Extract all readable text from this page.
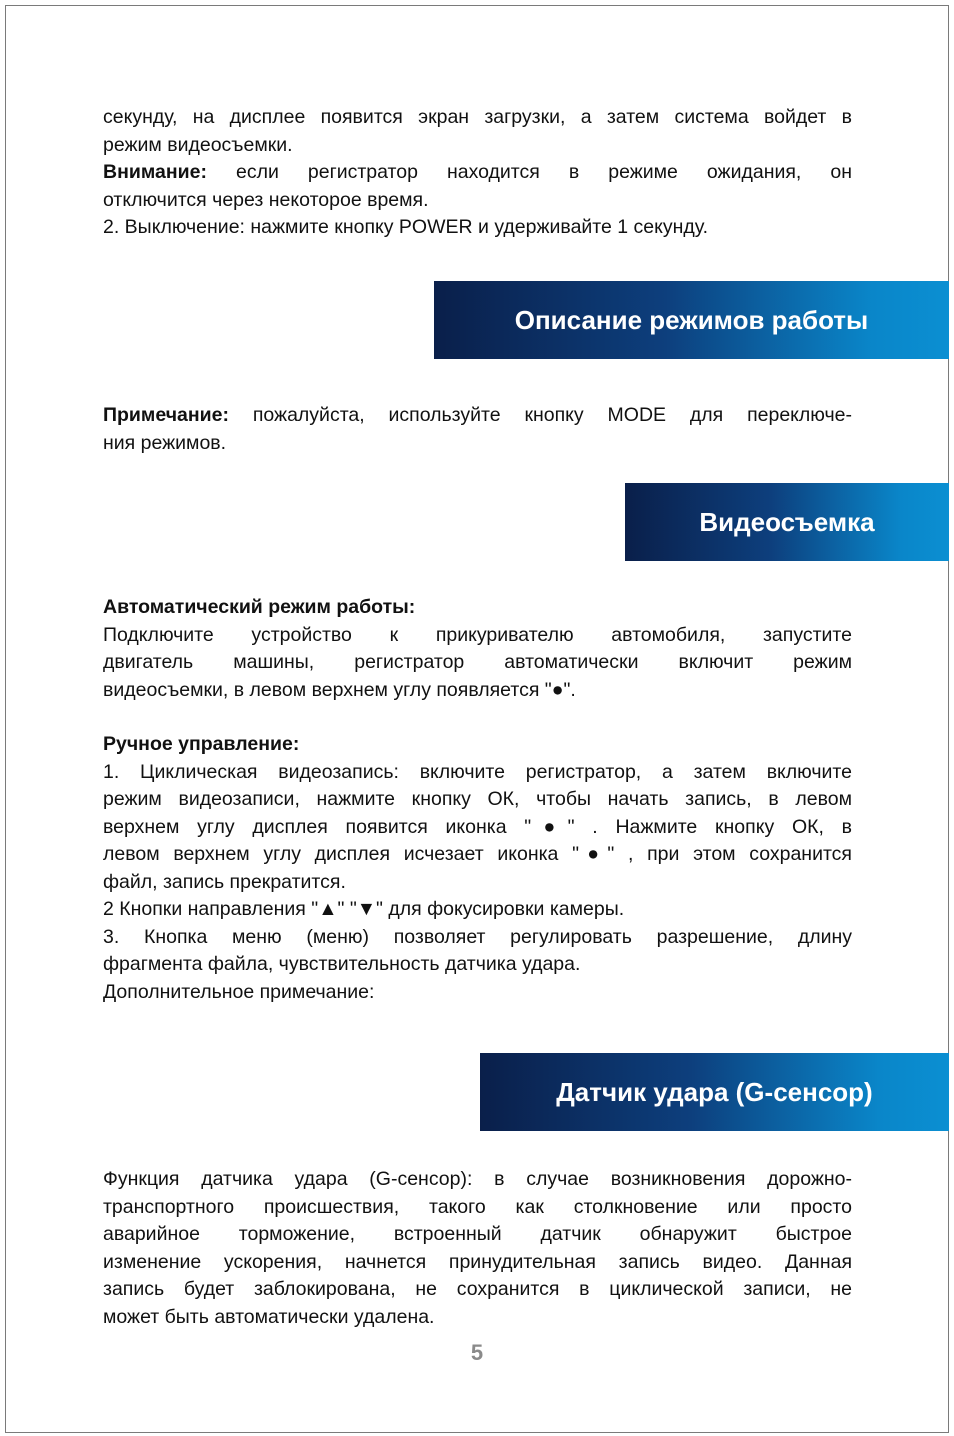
секунду, на дисплее появится экран загрузки, а затем система войдет в
режим видеосъемки.
Внимание: если регистратор находится в режиме ожидания, он
отключится через некоторое время.
2. Выключение: нажмите кнопку POWER и удерживайте 1 секунду.
Описание режимов работы
Примечание: пожалуйста, используйте кнопку MODE для переключе-
ния режимов.
Видеосъемка
Автоматический режим работы:
Подключите устройство к прикуривателю автомобиля, запустите
двигатель машины, регистратор автоматически включит режим
видеосъемки, в левом верхнем углу появляется "●".
Ручное управление:
1. Циклическая видеозапись: включите регистратор, а затем включите
режим видеозаписи, нажмите кнопку ОК, чтобы начать запись, в левом
верхнем углу дисплея появится иконка "●" . Нажмите кнопку ОК, в
левом верхнем углу дисплея исчезает иконка "●" , при этом сохранится
файл, запись прекратится.
2 Кнопки направления "▲" "▼" для фокусировки камеры.
3. Кнопка меню (меню) позволяет регулировать разрешение, длину
фрагмента файла, чувствительность датчика удара.
Дополнительное примечание:
Датчик удара (G-сенсор)
Функция датчика удара (G-сенсор): в случае возникновения дорожно-
транспортного происшествия, такого как столкновение или просто
аварийное торможение, встроенный датчик обнаружит быстрое
изменение ускорения, начнется принудительная запись видео. Данная
запись будет заблокирована, не сохранится в циклической записи, не
может быть автоматически удалена.
5
